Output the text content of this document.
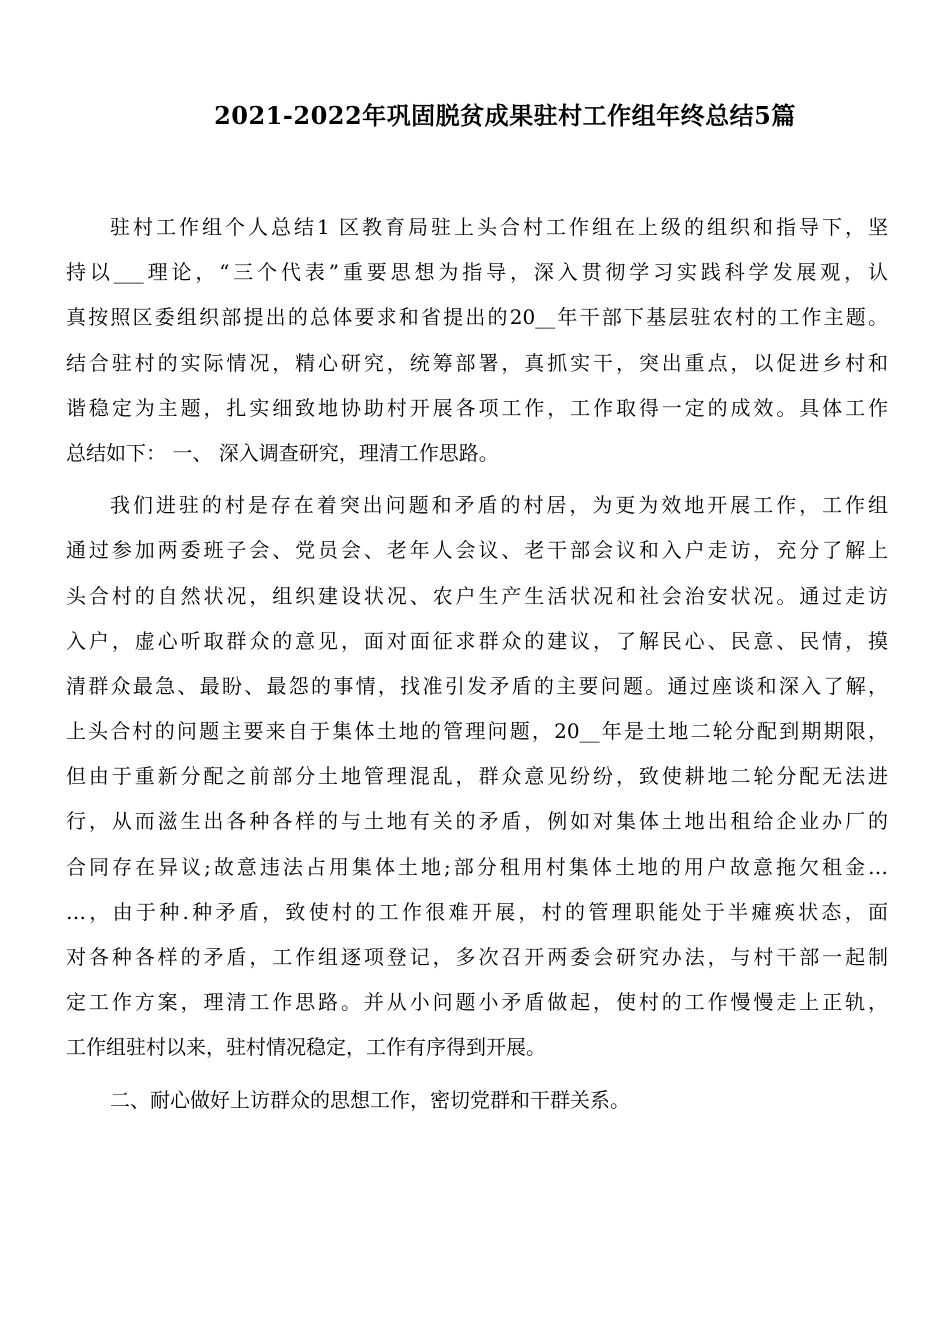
2021-2022年巩固脱贫成果驻村工作组年终总结5篇
驻村工作组个人总结1 区教育局驻上头合村工作组在上级的组织和指导下，坚
持以___理论，“三个代表”重要思想为指导，深入贯彻学习实践科学发展观，认
真按照区委组织部提出的总体要求和省提出的20__年干部下基层驻农村的工作主题。
结合驻村的实际情况，精心研究，统筹部署，真抓实干，突出重点，以促进乡村和
谐稳定为主题，扎实细致地协助村开展各项工作，工作取得一定的成效。具体工作
总结如下： 一、 深入调查研究，理清工作思路。
我们进驻的村是存在着突出问题和矛盾的村居，为更为效地开展工作，工作组
通过参加两委班子会、党员会、老年人会议、老干部会议和入户走访，充分了解上
头合村的自然状况，组织建设状况、农户生产生活状况和社会治安状况。通过走访
入户，虚心听取群众的意见，面对面征求群众的建议，了解民心、民意、民情，摸
清群众最急、最盼、最怨的事情，找准引发矛盾的主要问题。通过座谈和深入了解，
上头合村的问题主要来自于集体土地的管理问题，20__年是土地二轮分配到期期限，
但由于重新分配之前部分土地管理混乱，群众意见纷纷，致使耕地二轮分配无法进
行，从而滋生出各种各样的与土地有关的矛盾，例如对集体土地出租给企业办厂的
合同存在异议;故意违法占用集体土地;部分租用村集体土地的用户故意拖欠租金…
…，由于种.种矛盾，致使村的工作很难开展，村的管理职能处于半瘫痪状态，面
对各种各样的矛盾，工作组逐项登记，多次召开两委会研究办法，与村干部一起制
定工作方案，理清工作思路。并从小问题小矛盾做起，使村的工作慢慢走上正轨，
工作组驻村以来，驻村情况稳定，工作有序得到开展。
二、耐心做好上访群众的思想工作，密切党群和干群关系。
